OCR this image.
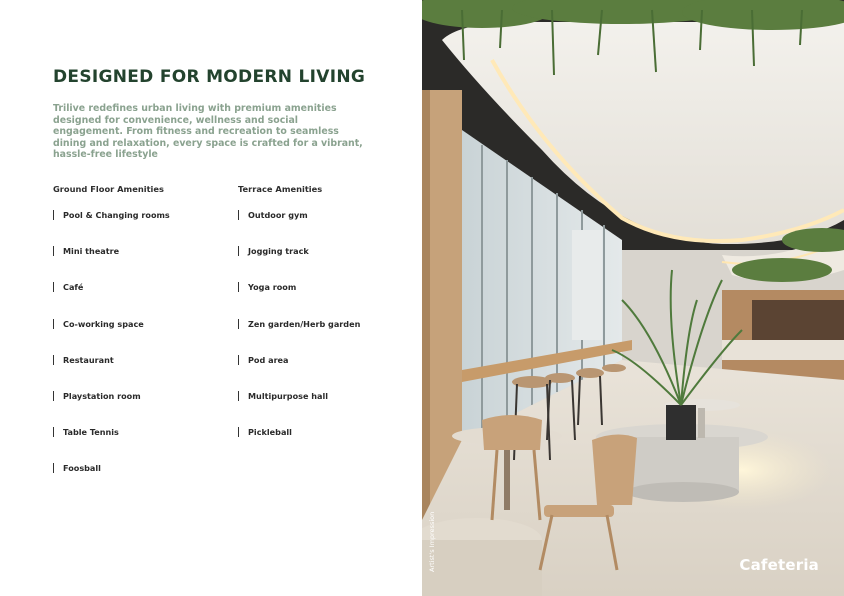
DESIGNED FOR MODERN LIVING
Trilive redefines urban living with premium amenities designed for convenience, wellness and social engagement. From fitness and recreation to seamless dining and relaxation, every space is crafted for a vibrant, hassle-free lifestyle
Ground Floor Amenities
Pool & Changing rooms
Mini theatre
Café
Co-working space
Restaurant
Playstation room
Table Tennis
Foosball
Terrace Amenities
Outdoor gym
Jogging track
Yoga room
Zen garden/Herb garden
Pod area
Multipurpose hall
Pickleball
Artist's Impression	Cafeteria
